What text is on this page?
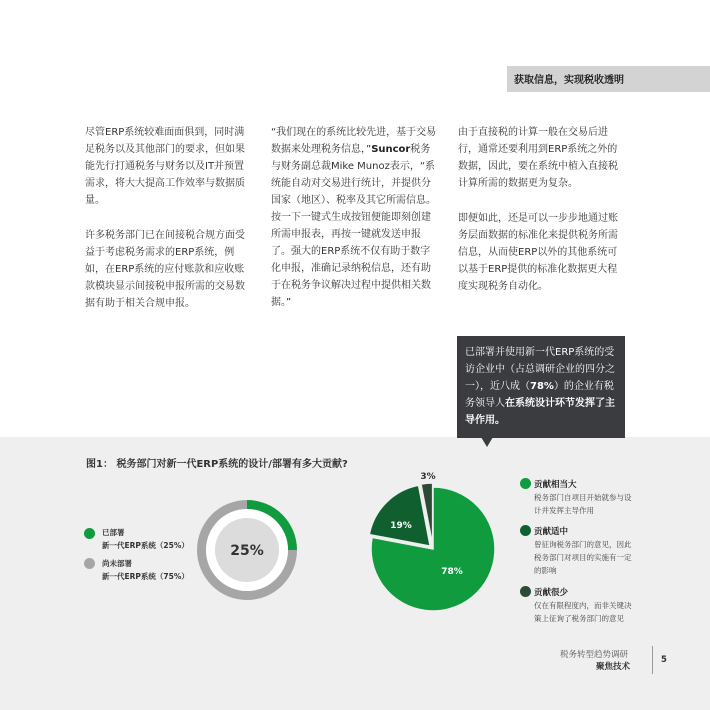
获取信息，实现税收透明

尽管ERP系统较难面面俱到，同时满足税务以及其他部门的要求，但如果能先行打通税务与财务以及IT并预置需求，将大大提高工作效率与数据质量。

许多税务部门已在间接税合规方面受益于考虑税务需求的ERP系统，例如，在ERP系统的应付账款和应收账款模块显示间接税申报所需的交易数据有助于相关合规申报。

“我们现在的系统比较先进，基于交易数据来处理税务信息，”Suncor税务与财务副总裁Mike Munoz表示，“系统能自动对交易进行统计，并提供分国家（地区）、税率及其它所需信息。按一下一键式生成按钮便能即刻创建所需申报表，再按一键就发送申报了。强大的ERP系统不仅有助于数字化申报，准确记录纳税信息，还有助于在税务争议解决过程中提供相关数据。”

由于直接税的计算一般在交易后进行，通常还要利用到ERP系统之外的数据，因此，要在系统中植入直接税计算所需的数据更为复杂。

即便如此，还是可以一步步地通过账务层面数据的标准化来提供税务所需信息，从而使ERP以外的其他系统可以基于ERP提供的标准化数据更大程度实现税务自动化。

已部署并使用新一代ERP系统的受访企业中（占总调研企业的四分之一），近八成（78%）的企业有税务领导人在系统设计环节发挥了主导作用。
图1： 税务部门对新一代ERP系统的设计/部署有多大贡献?
已部署
新一代ERP系统（25%）
尚未部署
新一代ERP系统（75%）
25%
78%
19%
3%
贡献相当大
税务部门自项目开始就参与设计并发挥主导作用
贡献适中
曾征询税务部门的意见，因此税务部门对项目的实施有一定的影响
贡献很少
仅在有限程度内，而非关键决策上征询了税务部门的意见
税务转型趋势调研
聚焦技术
5
